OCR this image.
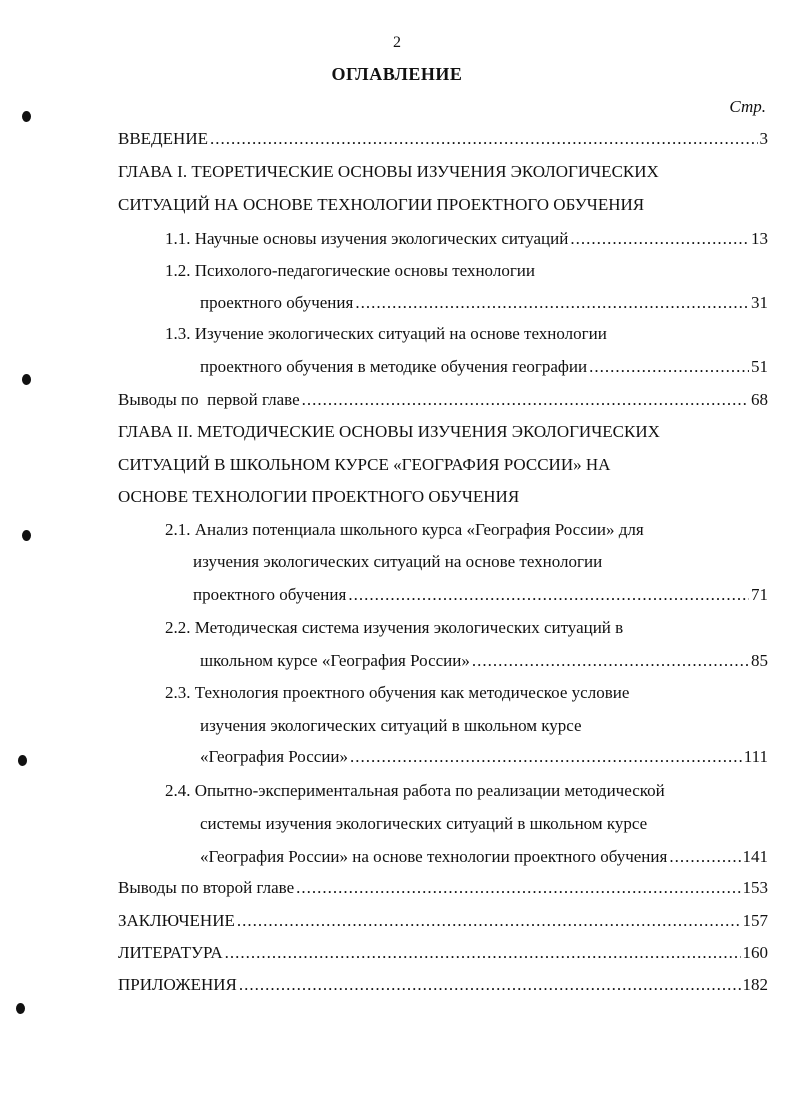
2
ОГЛАВЛЕНИЕ
Стр.
ВВЕДЕНИЕ .....	3
ГЛАВА I. ТЕОРЕТИЧЕСКИЕ ОСНОВЫ ИЗУЧЕНИЯ ЭКОЛОГИЧЕСКИХ
СИТУАЦИЙ НА ОСНОВЕ ТЕХНОЛОГИИ ПРОЕКТНОГО ОБУЧЕНИЯ
1.1. Научные основы изучения экологических ситуаций .....	13
1.2. Психолого-педагогические основы технологии
проектного обучения .....	31
1.3. Изучение экологических ситуаций на основе технологии
проектного обучения в методике обучения географии .....	51
Выводы по  первой главе .....	68
ГЛАВА II. МЕТОДИЧЕСКИЕ ОСНОВЫ ИЗУЧЕНИЯ ЭКОЛОГИЧЕСКИХ
СИТУАЦИЙ В ШКОЛЬНОМ КУРСЕ «ГЕОГРАФИЯ РОССИИ» НА
ОСНОВЕ ТЕХНОЛОГИИ ПРОЕКТНОГО ОБУЧЕНИЯ
2.1. Анализ потенциала школьного курса «География России» для
изучения экологических ситуаций на основе технологии
проектного обучения .....	71
2.2. Методическая система изучения экологических ситуаций в
школьном курсе «География России» .....	85
2.3. Технология проектного обучения как методическое условие
изучения экологических ситуаций в школьном курсе
«География России» .....	111
2.4. Опытно-экспериментальная работа по реализации методической
системы изучения экологических ситуаций в школьном курсе
«География России» на основе технологии проектного обучения .....	141
Выводы по второй главе .....	153
ЗАКЛЮЧЕНИЕ .....	157
ЛИТЕРАТУРА .....	160
ПРИЛОЖЕНИЯ .....	182
